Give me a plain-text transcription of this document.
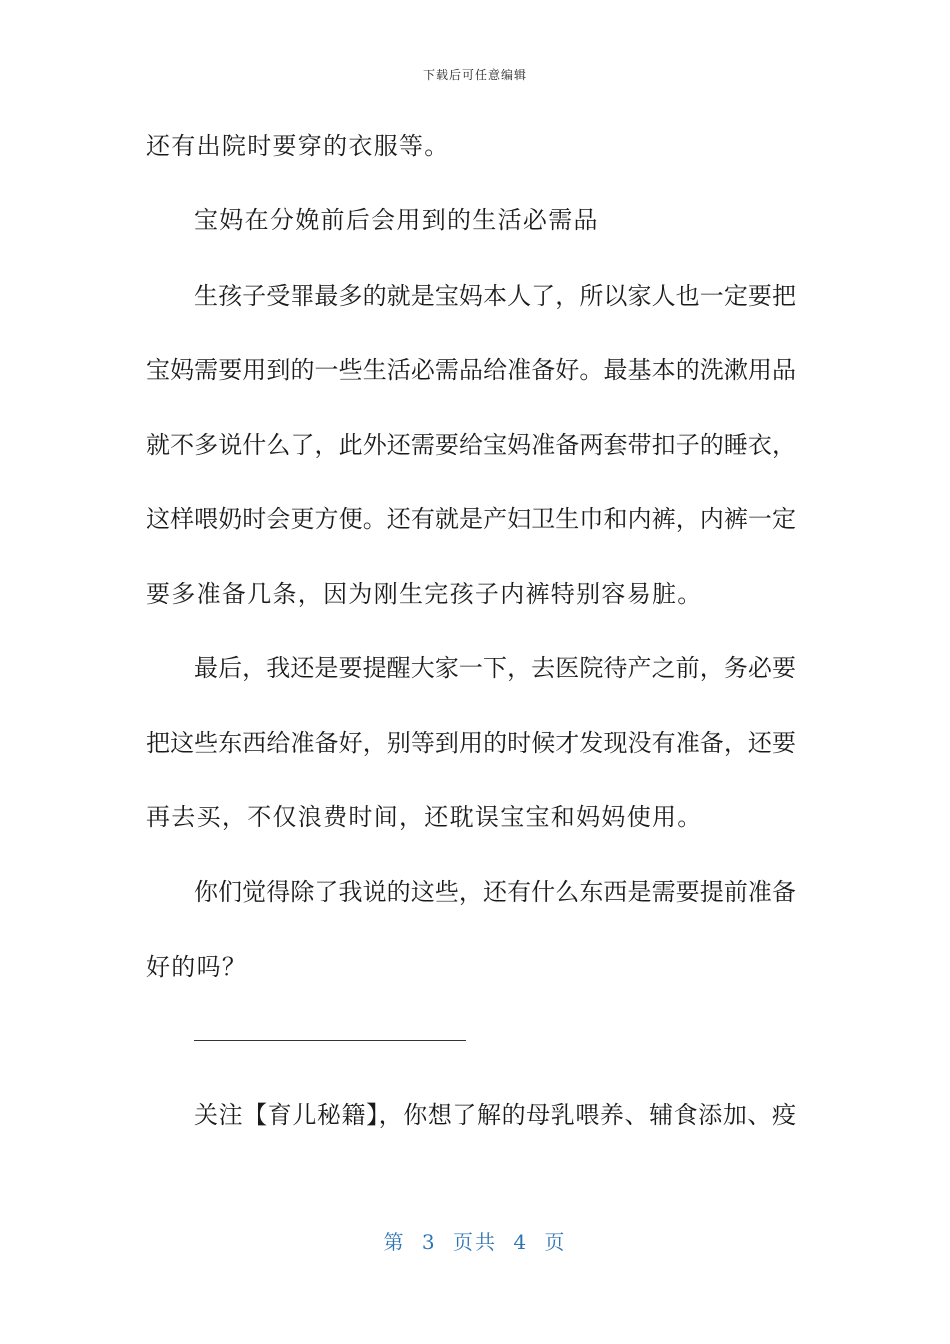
下载后可任意编辑
还有出院时要穿的衣服等。
宝妈在分娩前后会用到的生活必需品
生孩子受罪最多的就是宝妈本人了，所以家人也一定要把
宝妈需要用到的一些生活必需品给准备好。最基本的洗漱用品
就不多说什么了，此外还需要给宝妈准备两套带扣子的睡衣，
这样喂奶时会更方便。还有就是产妇卫生巾和内裤，内裤一定
要多准备几条，因为刚生完孩子内裤特别容易脏。
最后，我还是要提醒大家一下，去医院待产之前，务必要
把这些东西给准备好，别等到用的时候才发现没有准备，还要
再去买，不仅浪费时间，还耽误宝宝和妈妈使用。
你们觉得除了我说的这些，还有什么东西是需要提前准备
好的吗？
关注【育儿秘籍】，你想了解的母乳喂养、辅食添加、疫
第 3 页共 4 页
